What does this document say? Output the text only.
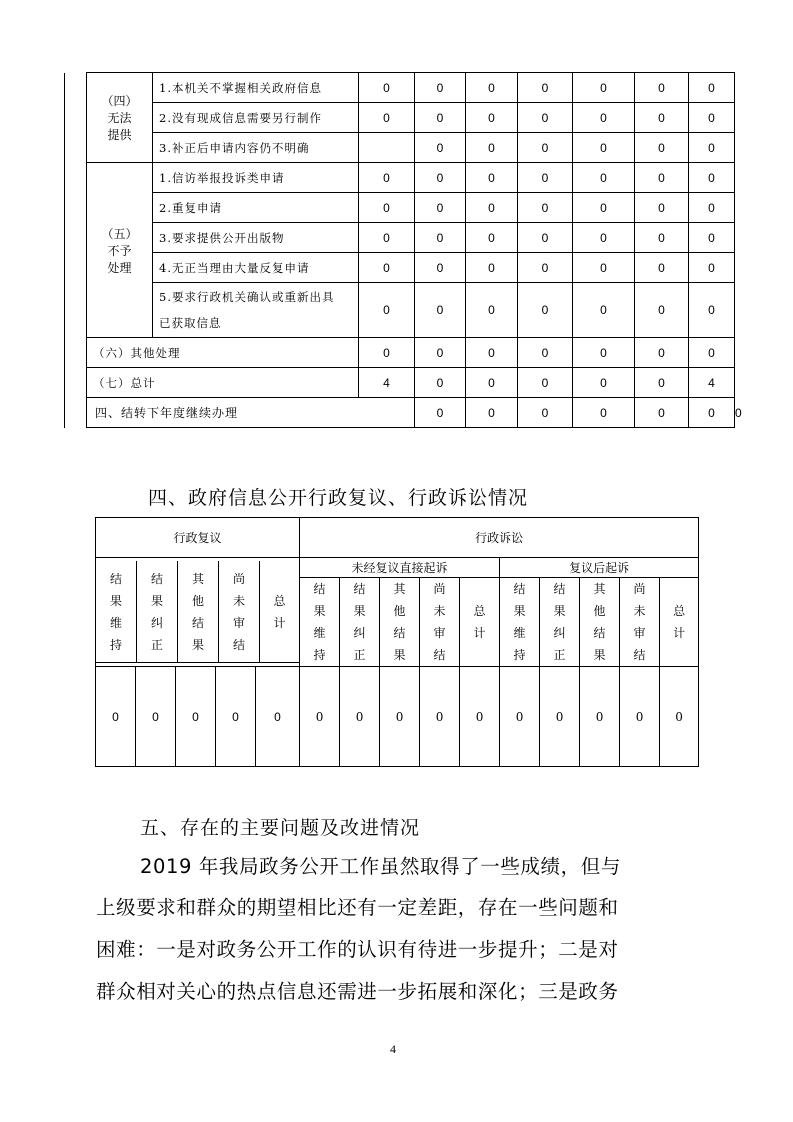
	（四）
无法
提供	1.本机关不掌握相关政府信息	0	0	0	0	0	0	0	
		2.没有现成信息需要另行制作	0	0	0	0	0	0	0	
		3.补正后申请内容仍不明确		0	0	0	0	0	0	

	（五）
不予
处理	1.信访举报投诉类申请	0	0	0	0	0	0	0	
		2.重复申请	0	0	0	0	0	0	0	
		3.要求提供公开出版物	0	0	0	0	0	0	0	
		4.无正当理由大量反复申请	0	0	0	0	0	0	0	

		5.要求行政机关确认或重新出具
已获取信息	0	0	0	0	0	0	0	
	（六）其他处理		0	0	0	0	0	0	0	
	（七）总计		4	0	0	0	0	0	4	
	四、结转下年度继续办理			0	0	0	0	0	0	0
四、政府信息公开行政复议、行政诉讼情况
行政复议	行政诉讼

结
果
维
持	结
果
纠
正	其
他
结
果	尚
未
审
结	总
计
	未经复议直接起诉	复议后起诉
结
果
维
持	结
果
纠
正	其
他
结
果	尚
未
审
结	总
计	结
果
维
持	结
果
纠
正	其
他
结
果	尚
未
审
结	总
计
0	0	0	0	0	0	0	0	0	0	0	0	0	0	0
五、存在的主要问题及改进情况
2019 年我局政务公开工作虽然取得了一些成绩，但与
上级要求和群众的期望相比还有一定差距，存在一些问题和
困难：一是对政务公开工作的认识有待进一步提升；二是对
群众相对关心的热点信息还需进一步拓展和深化；三是政务
4
